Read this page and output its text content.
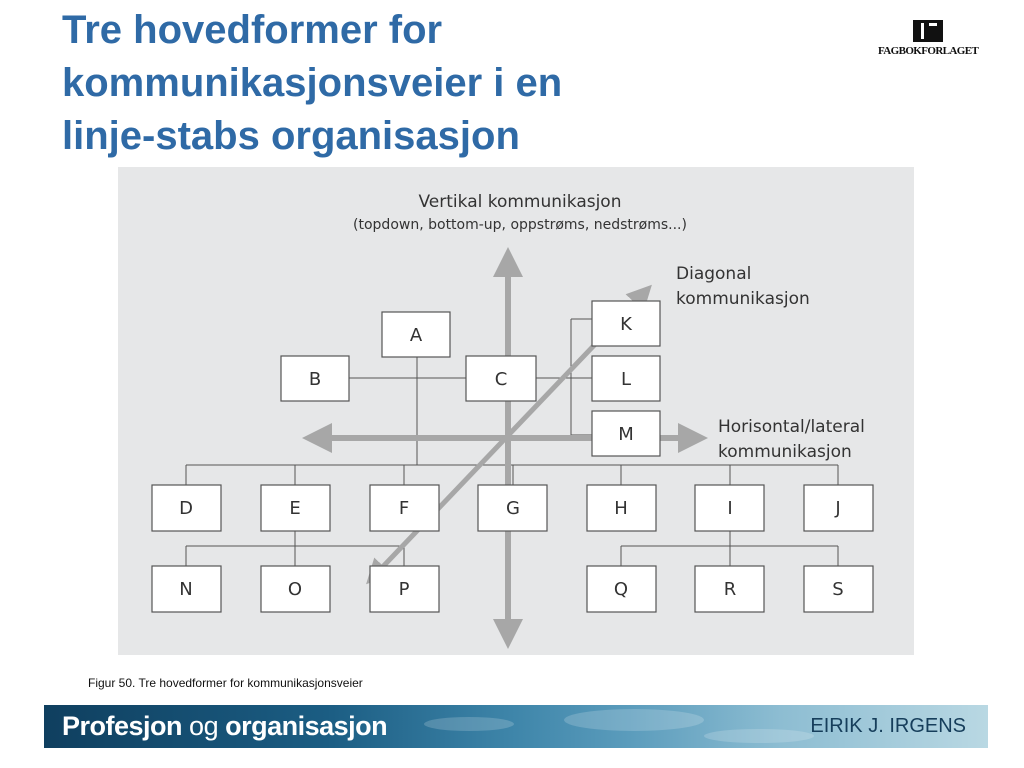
Tre hovedformer for
kommunikasjonsveier i en
linje-stabs organisasjon
FAGBOKFORLAGET
A
B	C
K
L
M
D	E	F	G	H	I	J
N	O	P	Q	R	S
Vertikal kommunikasjon
(topdown, bottom-up, oppstrøms, nedstrøms...)
Diagonal
kommunikasjon
Horisontal/lateral
kommunikasjon
Figur 50. Tre hovedformer for kommunikasjonsveier
Profesjon og organisasjon	EIRIK J. IRGENS
